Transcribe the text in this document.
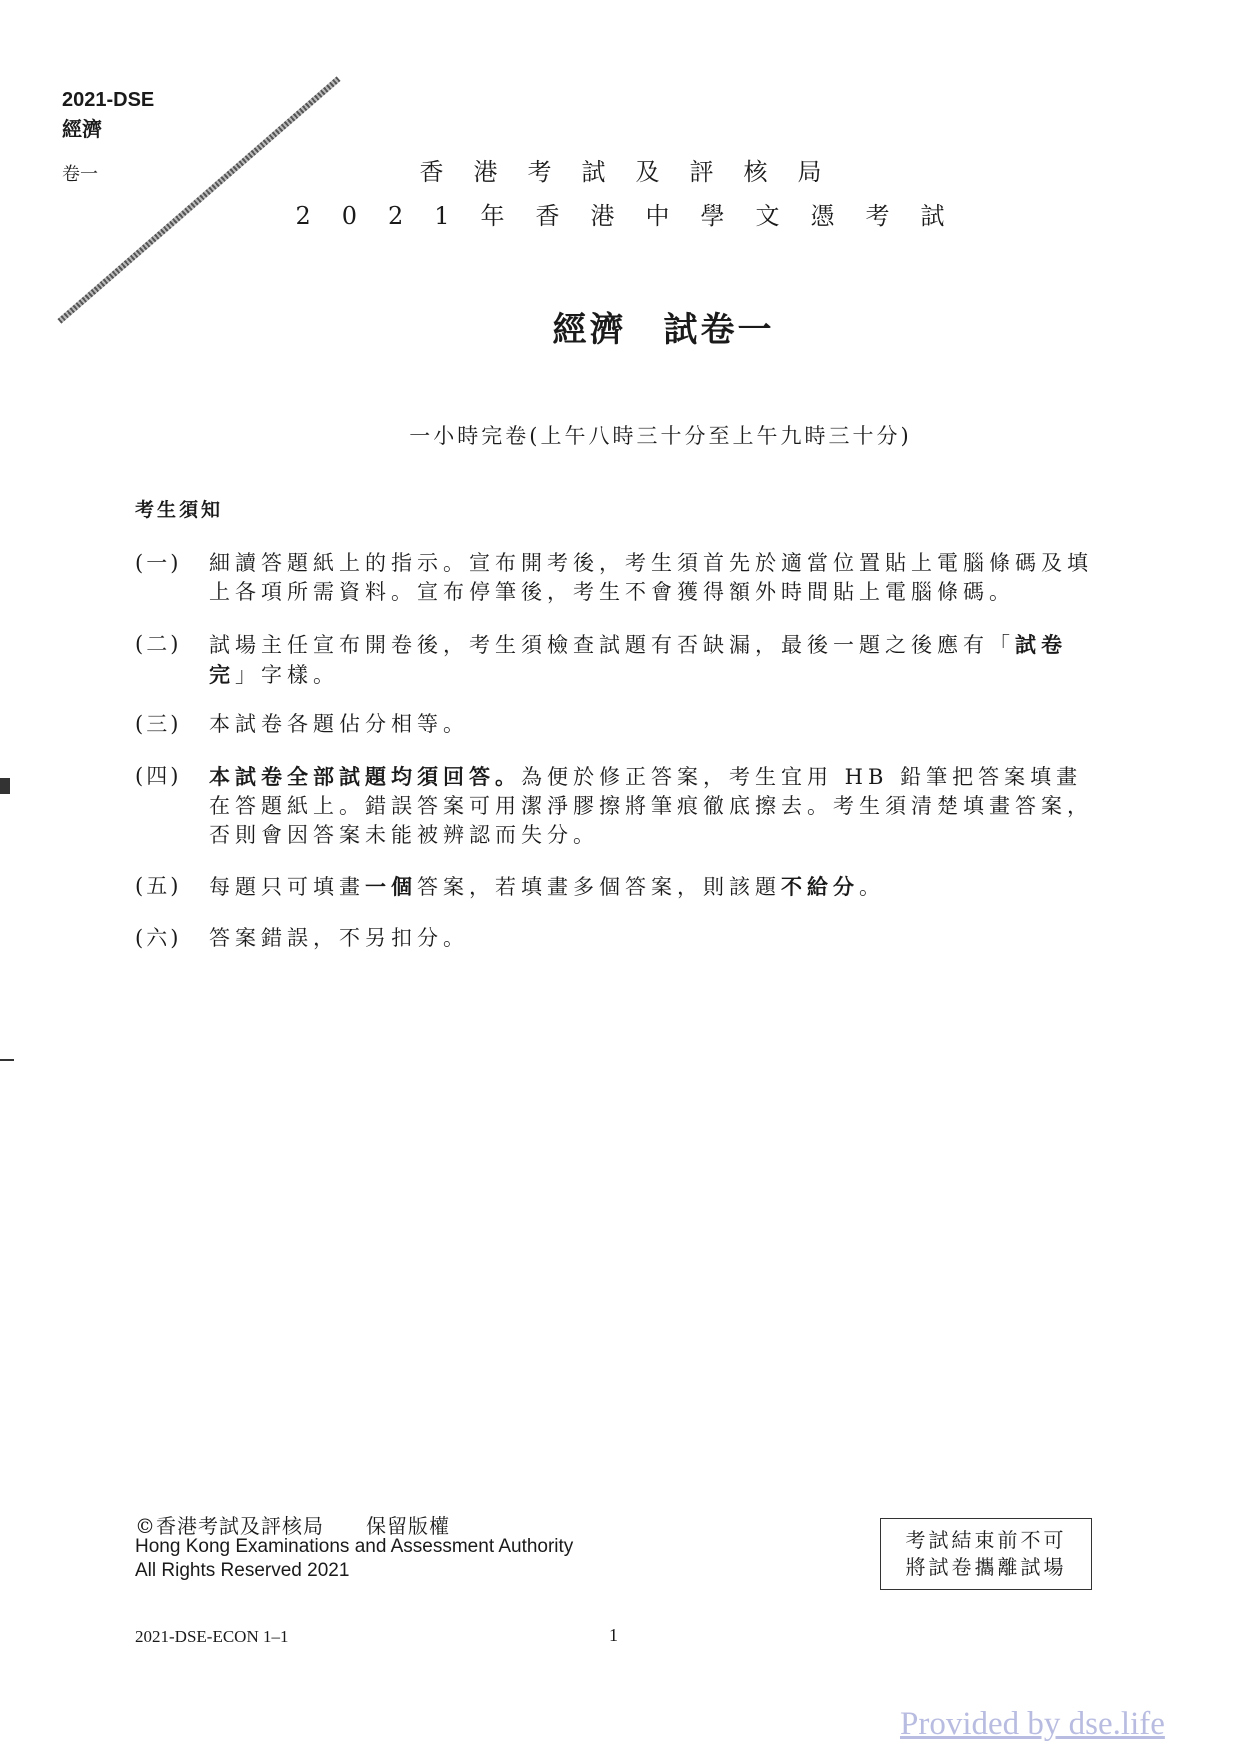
2021-DSE
經濟
卷一	香港考試及評核局
2021年香港中學文憑考試
經濟　試卷一
一小時完卷(上午八時三十分至上午九時三十分)
考生須知
(一)	細讀答題紙上的指示。宣布開考後，考生須首先於適當位置貼上電腦條碼及填上各項所需資料。宣布停筆後，考生不會獲得額外時間貼上電腦條碼。
(二)	試場主任宣布開卷後，考生須檢查試題有否缺漏，最後一題之後應有「試卷完」字樣。
(三)	本試卷各題佔分相等。
(四)	本試卷全部試題均須回答。為便於修正答案，考生宜用 HB 鉛筆把答案填畫在答題紙上。錯誤答案可用潔淨膠擦將筆痕徹底擦去。考生須清楚填畫答案，否則會因答案未能被辨認而失分。
(五)	每題只可填畫一個答案，若填畫多個答案，則該題不給分。
(六)	答案錯誤，不另扣分。
©香港考試及評核局　　保留版權
Hong Kong Examinations and Assessment Authority
All Rights Reserved 2021
考試結束前不可
將試卷攜離試場
2021-DSE-ECON 1–1	1
Provided by dse.life
